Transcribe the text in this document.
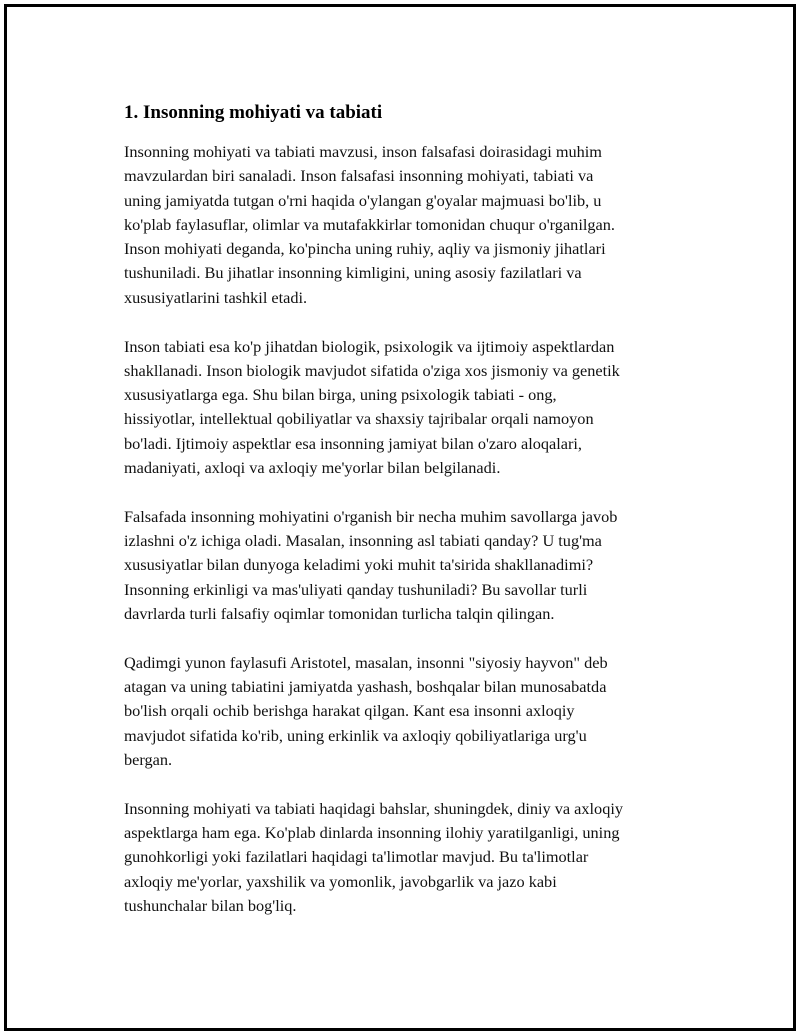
1. Insonning mohiyati va tabiati

Insonning mohiyati va tabiati mavzusi, inson falsafasi doirasidagi muhim
mavzulardan biri sanaladi. Inson falsafasi insonning mohiyati, tabiati va
uning jamiyatda tutgan o'rni haqida o'ylangan g'oyalar majmuasi bo'lib, u
ko'plab faylasuflar, olimlar va mutafakkirlar tomonidan chuqur o'rganilgan.
Inson mohiyati deganda, ko'pincha uning ruhiy, aqliy va jismoniy jihatlari
tushuniladi. Bu jihatlar insonning kimligini, uning asosiy fazilatlari va
xususiyatlarini tashkil etadi.

Inson tabiati esa ko'p jihatdan biologik, psixologik va ijtimoiy aspektlardan
shakllanadi. Inson biologik mavjudot sifatida o'ziga xos jismoniy va genetik
xususiyatlarga ega. Shu bilan birga, uning psixologik tabiati - ong,
hissiyotlar, intellektual qobiliyatlar va shaxsiy tajribalar orqali namoyon
bo'ladi. Ijtimoiy aspektlar esa insonning jamiyat bilan o'zaro aloqalari,
madaniyati, axloqi va axloqiy me'yorlar bilan belgilanadi.

Falsafada insonning mohiyatini o'rganish bir necha muhim savollarga javob
izlashni o'z ichiga oladi. Masalan, insonning asl tabiati qanday? U tug'ma
xususiyatlar bilan dunyoga keladimi yoki muhit ta'sirida shakllanadimi?
Insonning erkinligi va mas'uliyati qanday tushuniladi? Bu savollar turli
davrlarda turli falsafiy oqimlar tomonidan turlicha talqin qilingan.

Qadimgi yunon faylasufi Aristotel, masalan, insonni "siyosiy hayvon" deb
atagan va uning tabiatini jamiyatda yashash, boshqalar bilan munosabatda
bo'lish orqali ochib berishga harakat qilgan. Kant esa insonni axloqiy
mavjudot sifatida ko'rib, uning erkinlik va axloqiy qobiliyatlariga urg'u
bergan.

Insonning mohiyati va tabiati haqidagi bahslar, shuningdek, diniy va axloqiy
aspektlarga ham ega. Ko'plab dinlarda insonning ilohiy yaratilganligi, uning
gunohkorligi yoki fazilatlari haqidagi ta'limotlar mavjud. Bu ta'limotlar
axloqiy me'yorlar, yaxshilik va yomonlik, javobgarlik va jazo kabi
tushunchalar bilan bog'liq.
